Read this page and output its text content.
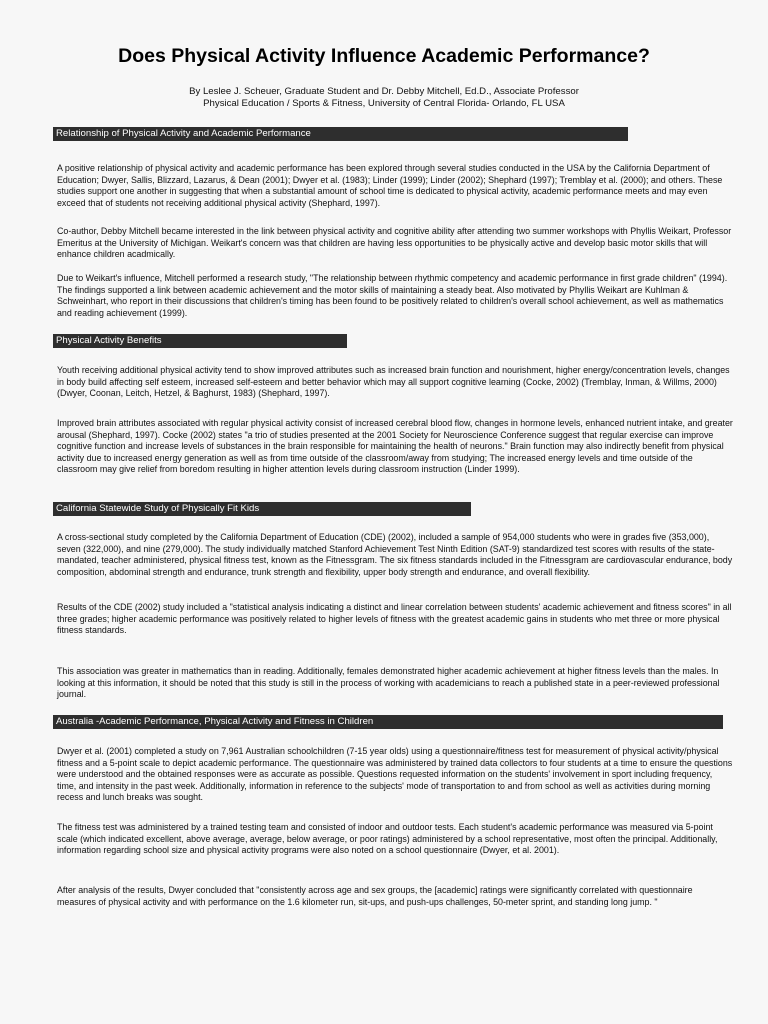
Does Physical Activity Influence Academic Performance?
By Leslee J. Scheuer, Graduate Student and Dr. Debby Mitchell, Ed.D., Associate Professor
Physical Education / Sports & Fitness, University of Central Florida- Orlando, FL USA
Relationship of Physical Activity and Academic Performance

A positive relationship of physical activity and academic performance has been explored through several studies conducted in the USA by the California Department of Education; Dwyer, Sallis, Blizzard, Lazarus, & Dean (2001); Dwyer et al. (1983); Linder (1999); Linder (2002); Shephard (1997); Tremblay et al. (2000); and others. These studies support one another in suggesting that when a substantial amount of school time is dedicated to physical activity, academic performance meets and may even exceed that of students not receiving additional physical activity (Shephard, 1997).

Co-author, Debby Mitchell became interested in the link between physical activity and cognitive ability after attending two summer workshops with Phyllis Weikart, Professor Emeritus at the University of Michigan. Weikart's concern was that children are having less opportunities to be physically active and develop basic motor skills that will enhance children acadmically.

Due to Weikart's influence, Mitchell performed a research study, "The relationship between rhythmic competency and academic performance in first grade children" (1994). The findings supported a link between academic achievement and the motor skills of maintaining a steady beat. Also motivated by Phyllis Weikart are Kuhlman & Schweinhart, who report in their discussions that children's timing has been found to be positively related to children's overall school achievement, as well as mathematics and reading achievement (1999).

Physical Activity Benefits

Youth receiving additional physical activity tend to show improved attributes such as increased brain function and nourishment, higher energy/concentration levels, changes in body build affecting self esteem, increased self-esteem and better behavior which may all support cognitive learning (Cocke, 2002) (Tremblay, Inman, & Willms, 2000) (Dwyer, Coonan, Leitch, Hetzel, & Baghurst, 1983) (Shephard, 1997).

Improved brain attributes associated with regular physical activity consist of increased cerebral blood flow, changes in hormone levels, enhanced nutrient intake, and greater arousal (Shephard, 1997). Cocke (2002) states "a trio of studies presented at the 2001 Society for Neuroscience Conference suggest that regular exercise can improve cognitive function and increase levels of substances in the brain responsible for maintaining the health of neurons." Brain function may also indirectly benefit from physical activity due to increased energy generation as well as from time outside of the classroom/away from studying; The increased energy levels and time outside of the classroom may give relief from boredom resulting in higher attention levels during classroom instruction (Linder 1999).

California Statewide Study of Physically Fit Kids

A cross-sectional study completed by the California Department of Education (CDE) (2002), included a sample of 954,000 students who were in grades five (353,000), seven (322,000), and nine (279,000). The study individually matched Stanford Achievement Test Ninth Edition (SAT-9) standardized test scores with results of the state-mandated, teacher administered, physical fitness test, known as the Fitnessgram. The six fitness standards included in the Fitnessgram are cardiovascular endurance, body composition, abdominal strength and endurance, trunk strength and flexibility, upper body strength and endurance, and overall flexibility.

Results of the CDE (2002) study included a "statistical analysis indicating a distinct and linear correlation between students' academic achievement and fitness scores" in all three grades; higher academic performance was positively related to higher levels of fitness with the greatest academic gains in students who met three or more physical fitness standards.

This association was greater in mathematics than in reading. Additionally, females demonstrated higher academic achievement at higher fitness levels than the males. In looking at this information, it should be noted that this study is still in the process of working with academicians to reach a published state in a peer-reviewed professional journal.

Australia -Academic Performance, Physical Activity and Fitness in Children

Dwyer et al. (2001) completed a study on 7,961 Australian schoolchildren (7-15 year olds) using a questionnaire/fitness test for measurement of physical activity/physical fitness and a 5-point scale to depict academic performance. The questionnaire was administered by trained data collectors to four students at a time to ensure the questions were understood and the obtained responses were as accurate as possible. Questions requested information on the students' involvement in sport including frequency, time, and intensity in the past week. Additionally, information in reference to the subjects' mode of transportation to and from school as well as activities during morning recess and lunch breaks was sought.

The fitness test was administered by a trained testing team and consisted of indoor and outdoor tests. Each student's academic performance was measured via 5-point scale (which indicated excellent, above average, average, below average, or poor ratings) administered by a school representative, most often the principal. Additionally, information regarding school size and physical activity programs were also noted on a school questionnaire (Dwyer, et al. 2001).

After analysis of the results, Dwyer concluded that "consistently across age and sex groups, the [academic] ratings were significantly correlated with questionnaire measures of physical activity and with performance on the 1.6 kilometer run, sit-ups, and push-ups challenges, 50-meter sprint, and standing long jump. "
